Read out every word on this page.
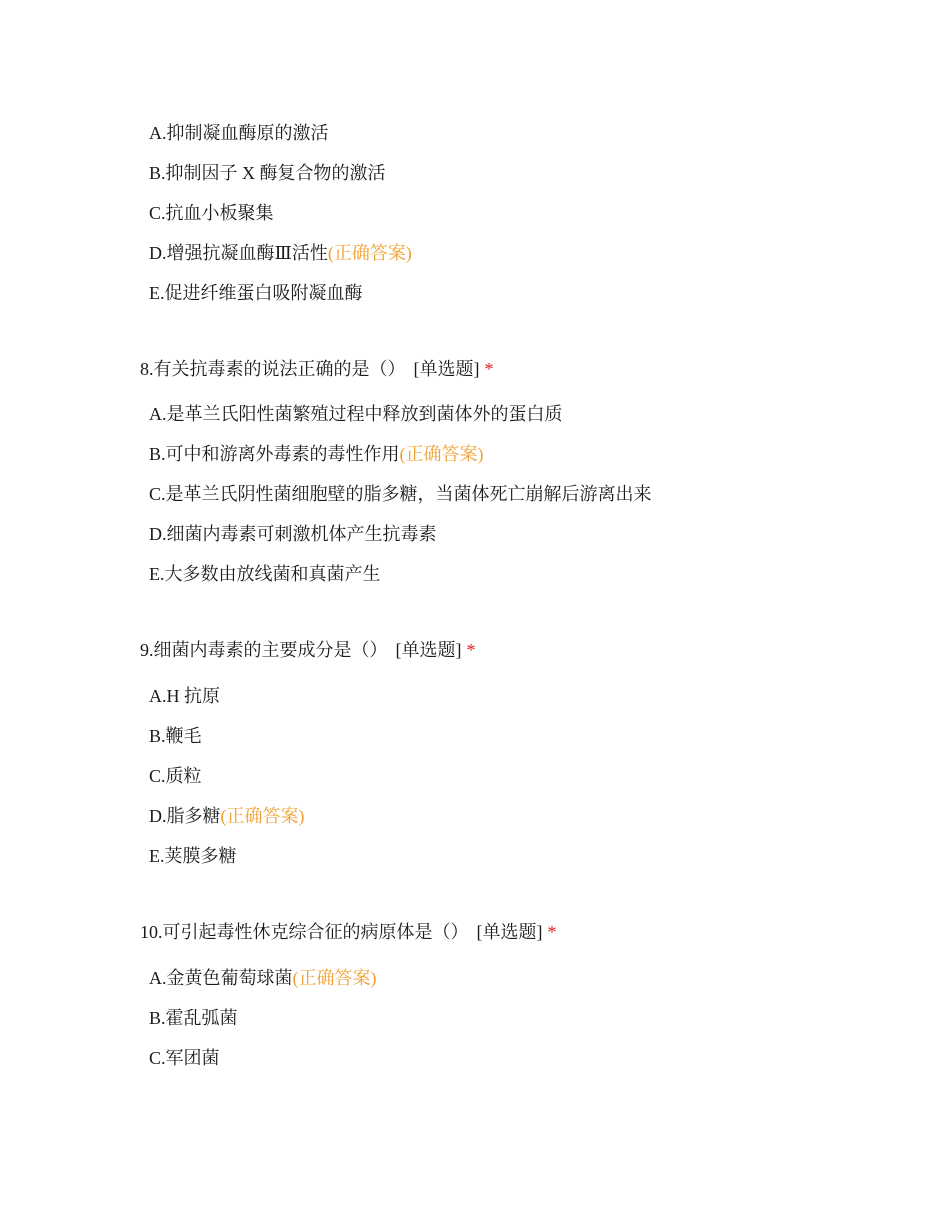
A.抑制凝血酶原的激活
B.抑制因子 X 酶复合物的激活
C.抗血小板聚集
D.增强抗凝血酶Ⅲ活性(正确答案)
E.促进纤维蛋白吸附凝血酶
8.有关抗毒素的说法正确的是（） [单选题] *
A.是革兰氏阳性菌繁殖过程中释放到菌体外的蛋白质
B.可中和游离外毒素的毒性作用(正确答案)
C.是革兰氏阴性菌细胞壁的脂多糖，当菌体死亡崩解后游离出来
D.细菌内毒素可刺激机体产生抗毒素
E.大多数由放线菌和真菌产生
9.细菌内毒素的主要成分是（） [单选题] *
A.H 抗原
B.鞭毛
C.质粒
D.脂多糖(正确答案)
E.荚膜多糖
10.可引起毒性休克综合征的病原体是（） [单选题] *
A.金黄色葡萄球菌(正确答案)
B.霍乱弧菌
C.军团菌
